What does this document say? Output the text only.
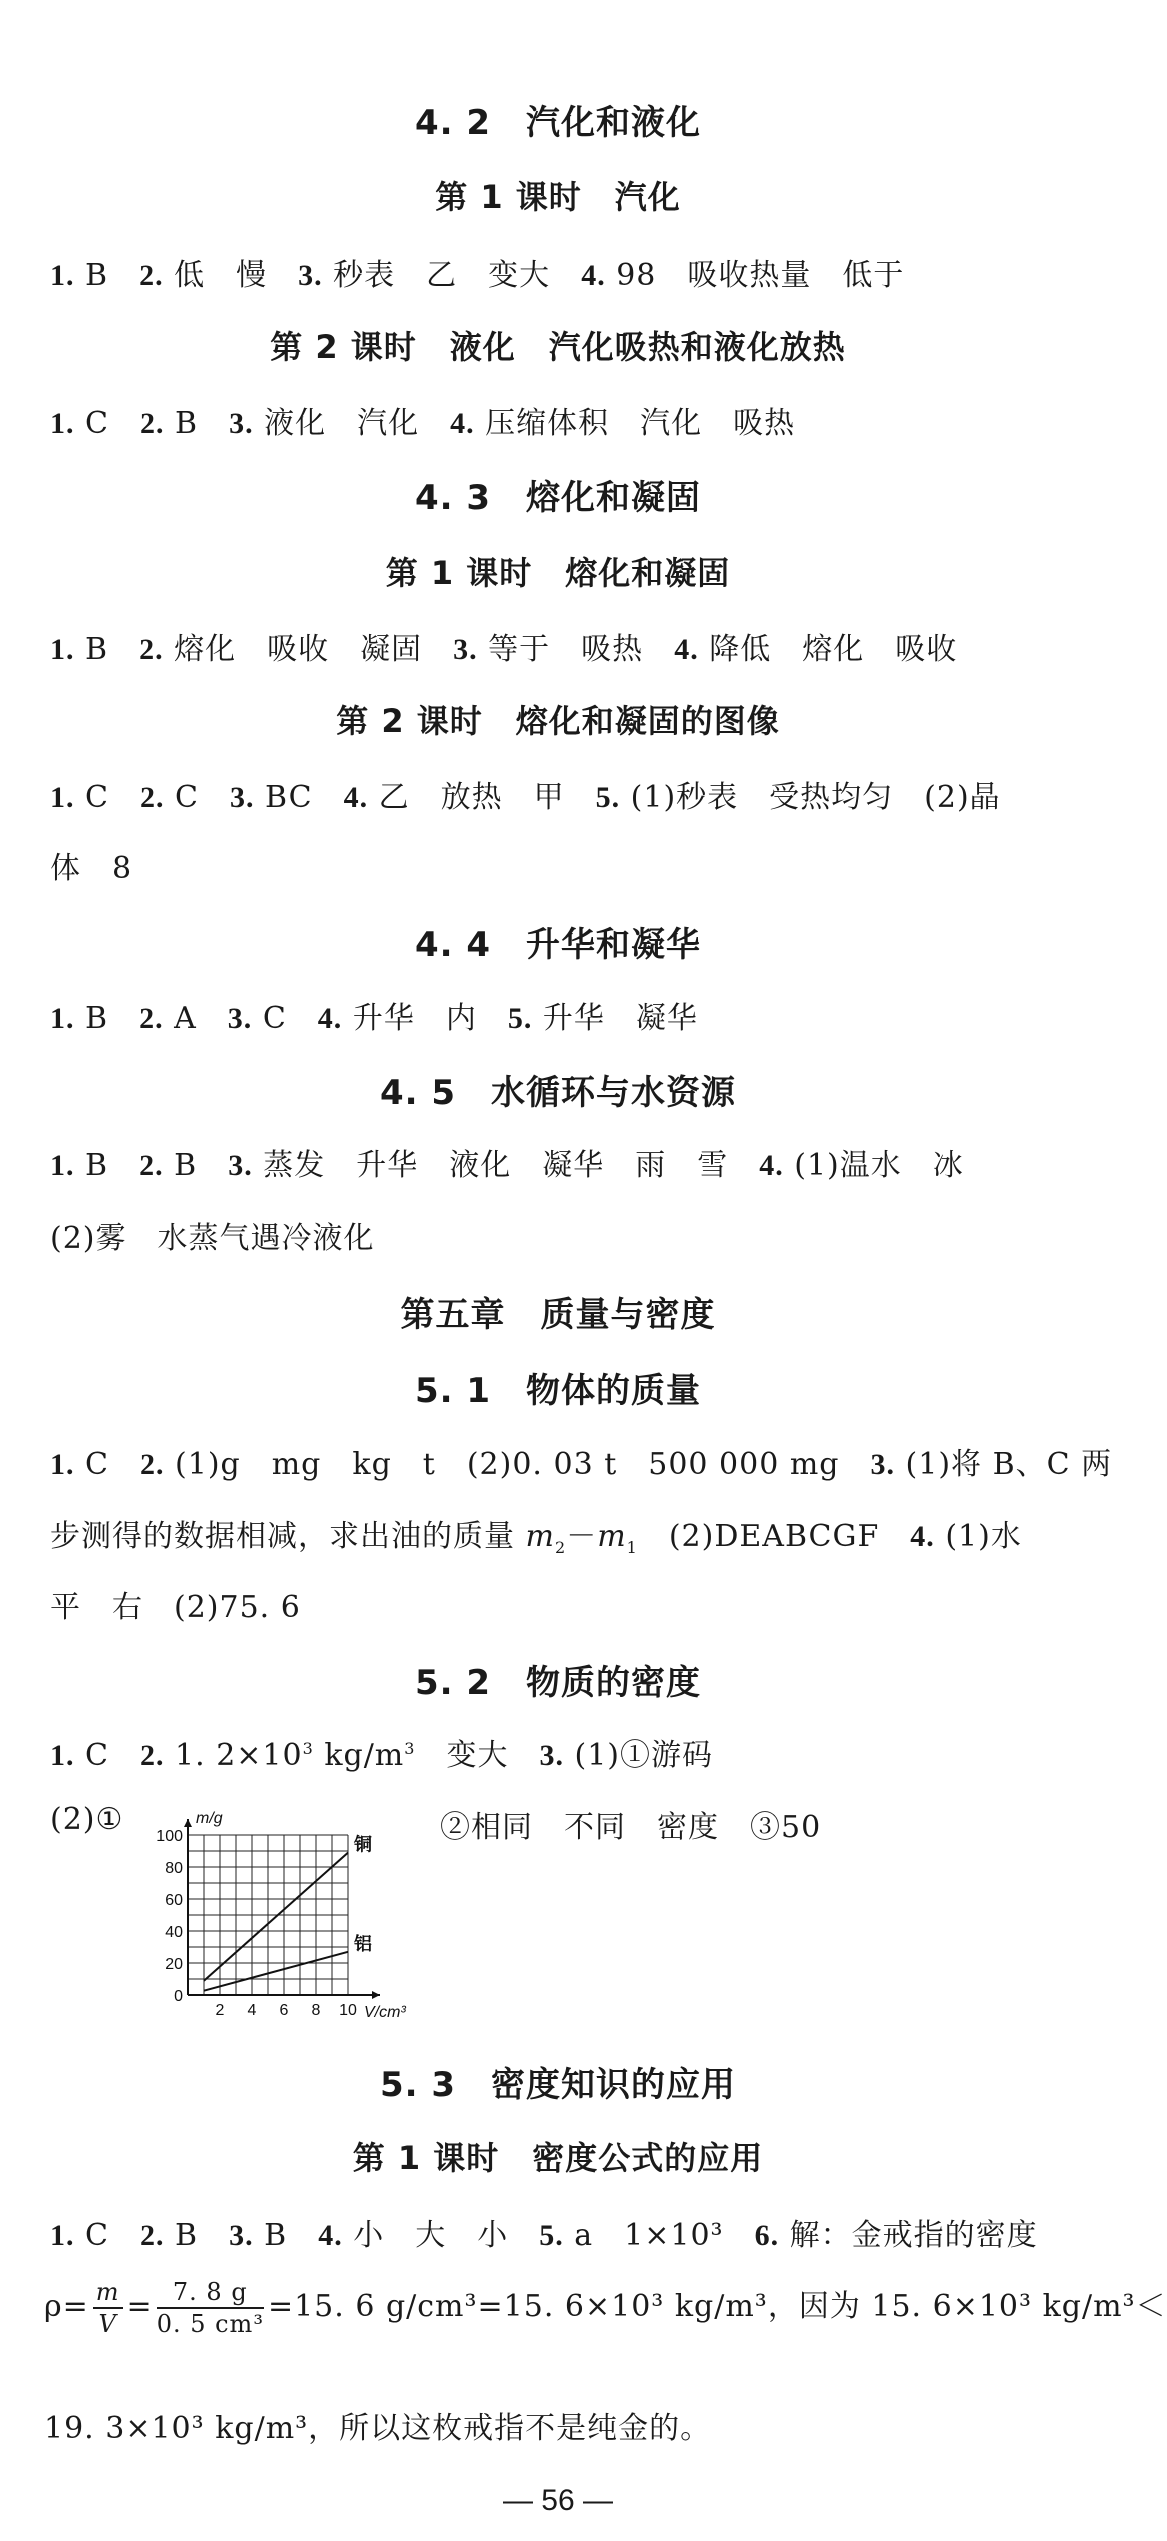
4. 2　汽化和液化
第 1 课时　汽化
1. B　2. 低　慢　3. 秒表　乙　变大　4. 98　吸收热量　低于
第 2 课时　液化　汽化吸热和液化放热
1. C　2. B　3. 液化　汽化　4. 压缩体积　汽化　吸热
4. 3　熔化和凝固
第 1 课时　熔化和凝固
1. B　2. 熔化　吸收　凝固　3. 等于　吸热　4. 降低　熔化　吸收
第 2 课时　熔化和凝固的图像
1. C　2. C　3. BC　4. 乙　放热　甲　5. (1)秒表　受热均匀　(2)晶
体　8
4. 4　升华和凝华
1. B　2. A　3. C　4. 升华　内　5. 升华　凝华
4. 5　水循环与水资源
1. B　2. B　3. 蒸发　升华　液化　凝华　雨　雪　4. (1)温水　冰
(2)雾　水蒸气遇冷液化
第五章　质量与密度
5. 1　物体的质量
1. C　2. (1)g　mg　kg　t　(2)0. 03 t　500 000 mg　3. (1)将 B、C 两
步测得的数据相减，求出油的质量 $m_2-m_1$　(2)DEABCGF　4. (1)水
平　右　(2)75. 6
5. 2　物质的密度
1. C　2. 1. $2\times 10^3$ $kg/m^3$　变大　3. (1)①游码
(2)①	②相同　不同　密度　③50
0
20
40
60
80
100
2 4 6 8 10
m/g
V/cm³
铜
铝
5. 3　密度知识的应用
第 1 课时　密度公式的应用
1. C　2. B　3. B　4. 小　大　小　5. a　1×10³　6. 解：金戒指的密度
$\rho= \frac{m}{V} = \frac{7. 8 g}{\text{0. 5 cm³}} =15$. 6 g/cm³=15. 6×10³ kg/m³，因为 15. 6×10³ kg/m³＜
19. 3×10³ kg/m³，所以这枚戒指不是纯金的。
— 56 —
